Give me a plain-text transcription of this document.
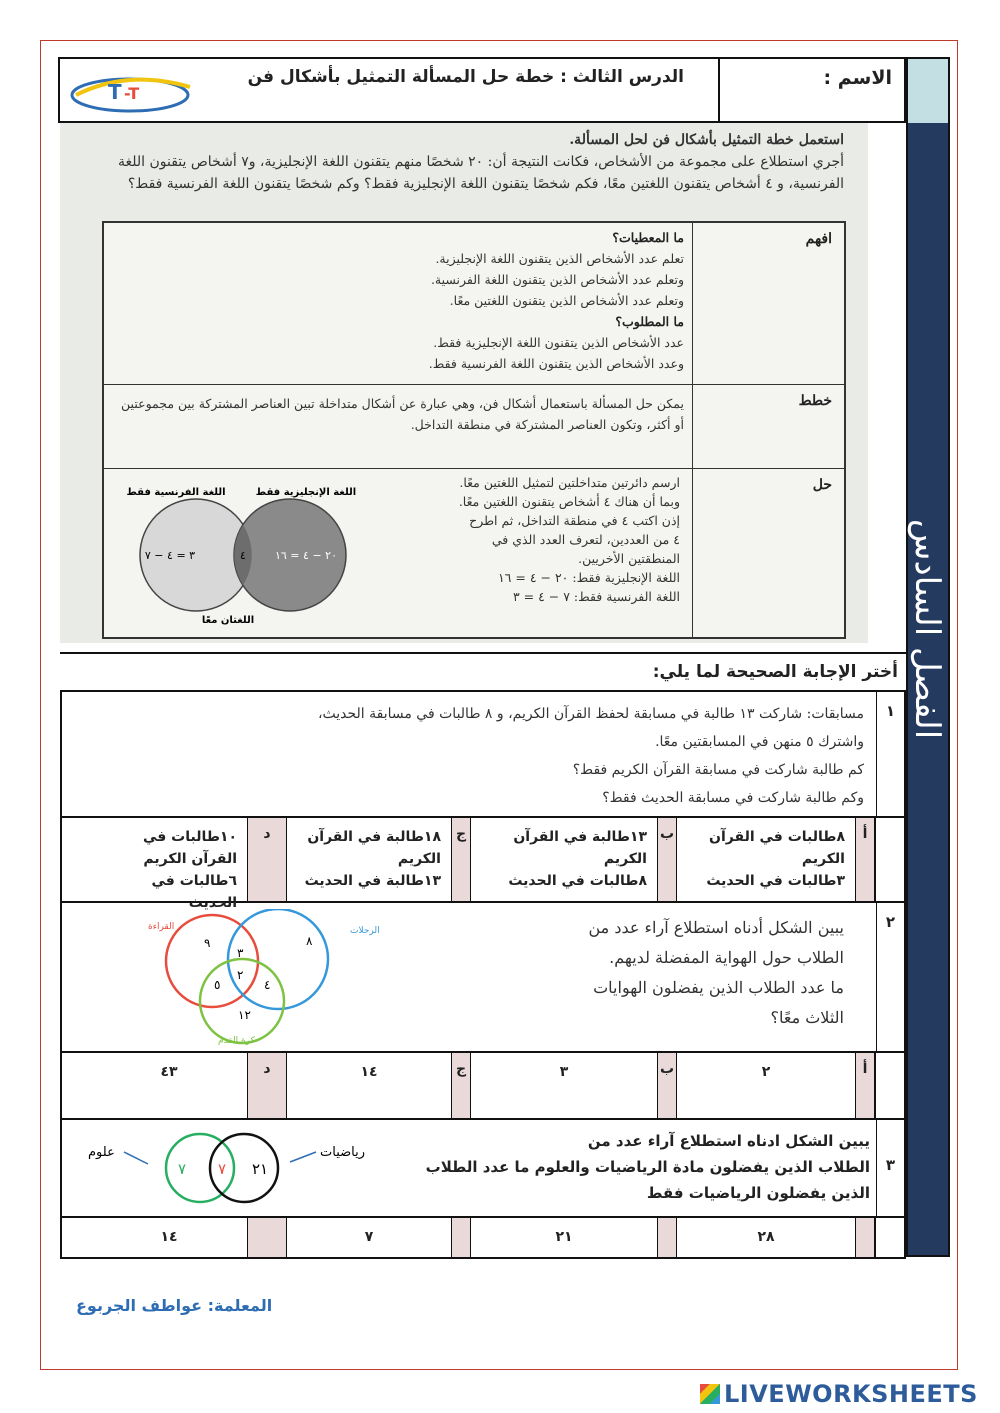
الفصل السادس
الاسم :
الدرس الثالث : خطة حل المسألة التمثيل بأشكال فن
T -T
استعمل خطة التمثيل بأشكال فن لحل المسألة.
أجري استطلاع على مجموعة من الأشخاص، فكانت النتيجة أن: ٢٠ شخصًا منهم يتقنون اللغة الإنجليزية، و٧ أشخاص يتقنون اللغة الفرنسية، و ٤ أشخاص يتقنون اللغتين معًا، فكم شخصًا يتقنون اللغة الإنجليزية فقط؟ وكم شخصًا يتقنون اللغة الفرنسية فقط؟
افهم
ما المعطيات؟
تعلم عدد الأشخاص الذين يتقنون اللغة الإنجليزية.
وتعلم عدد الأشخاص الذين يتقنون اللغة الفرنسية.
وتعلم عدد الأشخاص الذين يتقنون اللغتين معًا.
ما المطلوب؟
عدد الأشخاص الذين يتقنون اللغة الإنجليزية فقط.
وعدد الأشخاص الذين يتقنون اللغة الفرنسية فقط.
خطط
يمكن حل المسألة باستعمال أشكال فن، وهي عبارة عن أشكال متداخلة تبين العناصر المشتركة بين مجموعتين أو أكثر، وتكون العناصر المشتركة في منطقة التداخل.
حل
ارسم دائرتين متداخلتين لتمثيل اللغتين معًا.
وبما أن هناك ٤ أشخاص يتقنون اللغتين معًا.
إذن اكتب ٤ في منطقة التداخل، ثم اطرح
٤ من العددين، لتعرف العدد الذي في
المنطقتين الأخريين.
اللغة الإنجليزية فقط: ٢٠ − ٤ = ١٦
اللغة الفرنسية فقط: ٧ − ٤ = ٣
اللغة الفرنسية فقط	اللغة الإنجليزية فقط
٣ = ٤ − ٧	٤	٢٠ − ٤ = ١٦
اللغتان معًا
أختر الإجابة الصحيحة لما يلي:
١
مسابقات: شاركت ١٣ طالبة في مسابقة لحفظ القرآن الكريم، و ٨ طالبات في مسابقة الحديث،
واشترك ٥ منهن في المسابقتين معًا.
كم طالبة شاركت في مسابقة القرآن الكريم فقط؟
وكم طالبة شاركت في مسابقة الحديث فقط؟
أ
٨طالبات في القرآن الكريم
٣طالبات في الحديث
ب
١٣طالبة في القرآن الكريم
٨طالبات في الحديث
ج
١٨طالبة في القرآن الكريم
١٣طالبة في الحديث
د
١٠طالبات في القرآن الكريم
٦طالبات في الحديث
٢
يبين الشكل أدناه استطلاع آراء عدد من
الطلاب حول الهواية المفضلة لديهم.
ما عدد الطلاب الذين يفضلون الهوايات
الثلاث معًا؟
القراءة	الرحلات
كرة القدم
٩	٨
٣
٢
٥	٤
١٢
أ
٢
ب
٣
ج
١٤
د
٤٣
٣
يبين الشكل ادناه استطلاع آراء عدد من
الطلاب الذين يفضلون مادة الرياضيات والعلوم ما عدد الطلاب
الذين يفضلون الرياضيات فقط
علوم	رياضيات
٧ ٧ ٢١
٢٨
٢١
٧
١٤
المعلمة: عواطف الجربوع
LIVEWORKSHEETS
